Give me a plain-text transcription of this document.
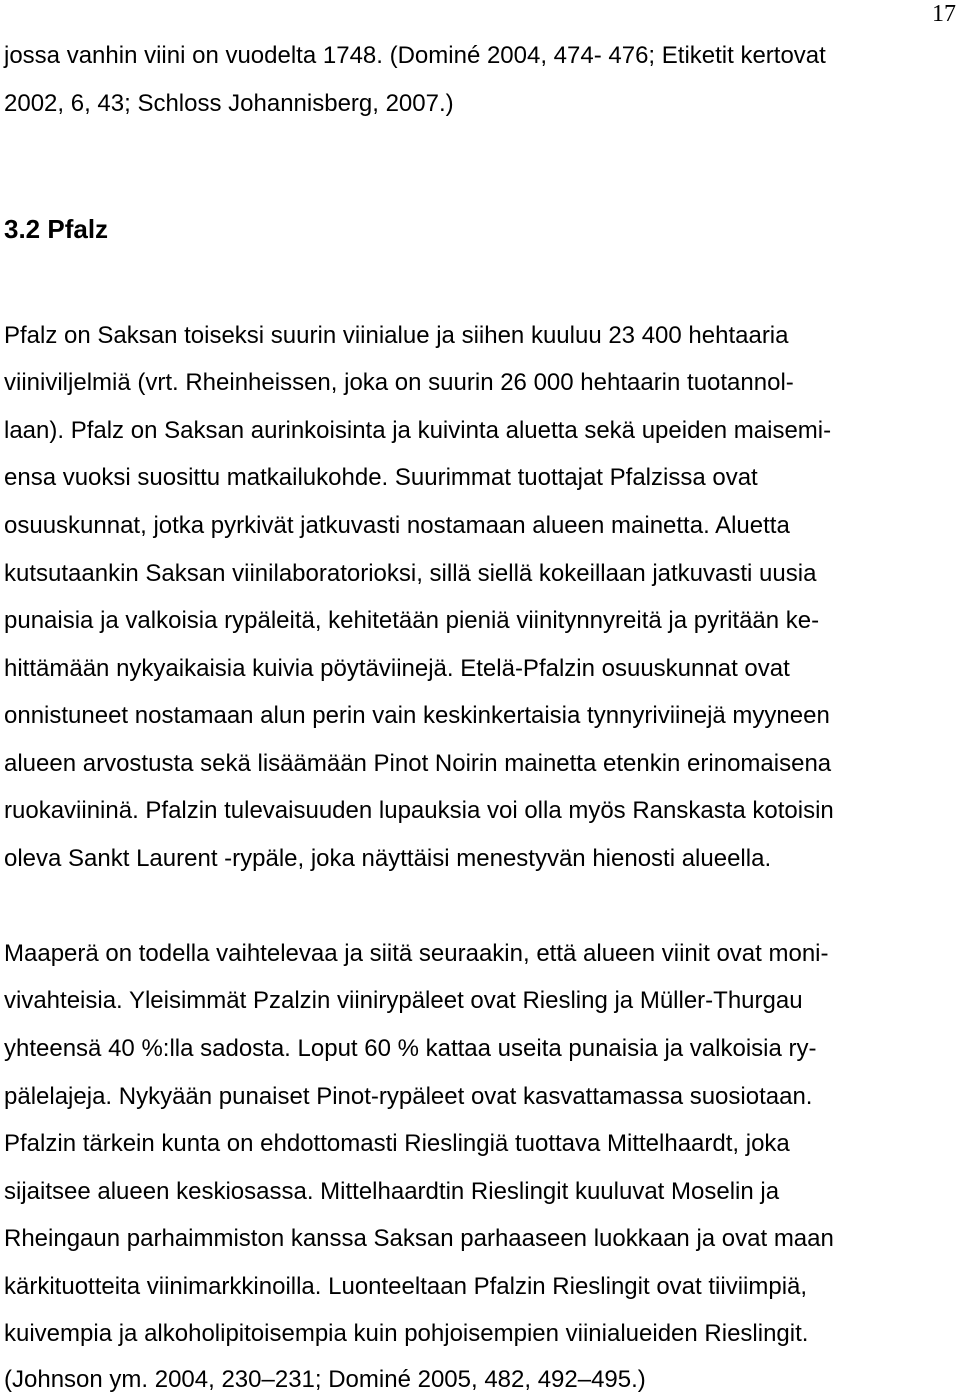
17
jossa vanhin viini on vuodelta 1748. (Dominé 2004, 474- 476; Etiketit kertovat
2002, 6, 43; Schloss Johannisberg, 2007.)
3.2 Pfalz
Pfalz on Saksan toiseksi suurin viinialue ja siihen kuuluu 23 400 hehtaaria
viiniviljelmiä (vrt. Rheinheissen, joka on suurin 26 000 hehtaarin tuotannol-
laan). Pfalz on Saksan aurinkoisinta ja kuivinta aluetta sekä upeiden maisemi-
ensa vuoksi suosittu matkailukohde. Suurimmat tuottajat Pfalzissa ovat
osuuskunnat, jotka pyrkivät jatkuvasti nostamaan alueen mainetta. Aluetta
kutsutaankin Saksan viinilaboratorioksi, sillä siellä kokeillaan jatkuvasti uusia
punaisia ja valkoisia rypäleitä, kehitetään pieniä viinitynnyreitä ja pyritään ke-
hittämään nykyaikaisia kuivia pöytäviinejä. Etelä-Pfalzin osuuskunnat ovat
onnistuneet nostamaan alun perin vain keskinkertaisia tynnyriviinejä myyneen
alueen arvostusta sekä lisäämään Pinot Noirin mainetta etenkin erinomaisena
ruokaviininä. Pfalzin tulevaisuuden lupauksia voi olla myös Ranskasta kotoisin
oleva Sankt Laurent -rypäle, joka näyttäisi menestyvän hienosti alueella.
Maaperä on todella vaihtelevaa ja siitä seuraakin, että alueen viinit ovat moni-
vivahteisia. Yleisimmät Pzalzin viinirypäleet ovat Riesling ja Müller-Thurgau
yhteensä 40 %:lla sadosta. Loput 60 % kattaa useita punaisia ja valkoisia ry-
pälelajeja. Nykyään punaiset Pinot-rypäleet ovat kasvattamassa suosiotaan.
Pfalzin tärkein kunta on ehdottomasti Rieslingiä tuottava Mittelhaardt, joka
sijaitsee alueen keskiosassa. Mittelhaardtin Rieslingit kuuluvat Moselin ja
Rheingaun parhaimmiston kanssa Saksan parhaaseen luokkaan ja ovat maan
kärkituotteita viinimarkkinoilla. Luonteeltaan Pfalzin Rieslingit ovat tiiviimpiä,
kuivempia ja alkoholipitoisempia kuin pohjoisempien viinialueiden Rieslingit.
(Johnson ym. 2004, 230–231; Dominé 2005, 482, 492–495.)
